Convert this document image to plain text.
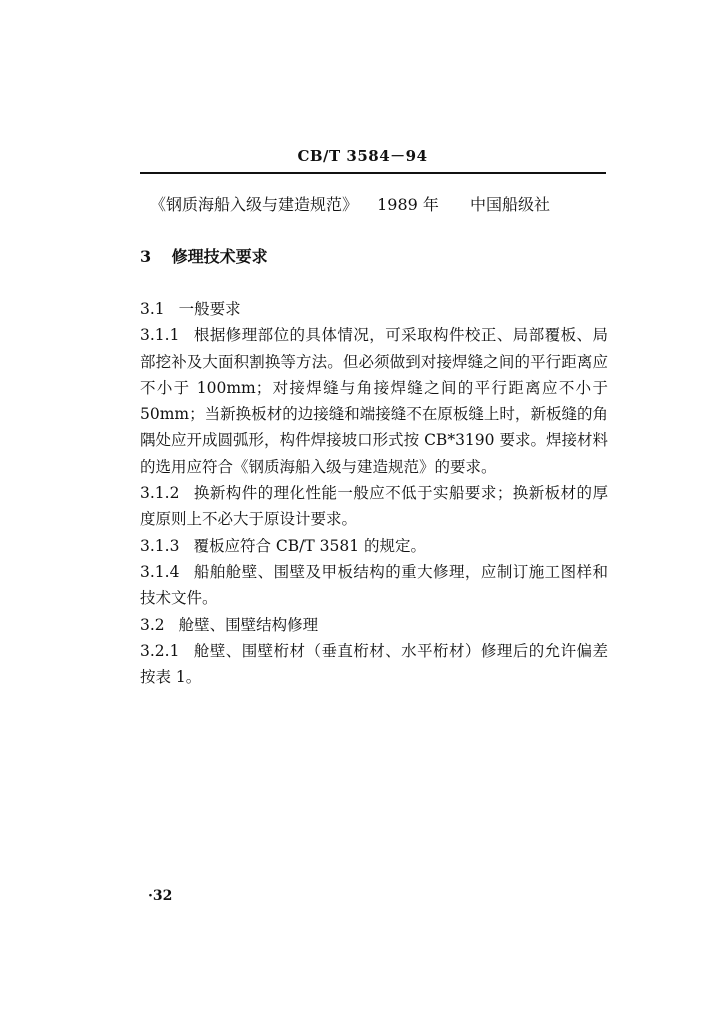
CB/T 3584－94
《钢质海船入级与建造规范》 1989 年 中国船级社
3 修理技术要求

3.1 一般要求

3.1.1 根据修理部位的具体情况，可采取构件校正、局部覆板、局部挖补及大面积割换等方法。但必须做到对接焊缝之间的平行距离应不小于 100mm；对接焊缝与角接焊缝之间的平行距离应不小于 50mm；当新换板材的边接缝和端接缝不在原板缝上时，新板缝的角隅处应开成圆弧形，构件焊接坡口形式按 CB*3190 要求。焊接材料的选用应符合《钢质海船入级与建造规范》的要求。

3.1.2 换新构件的理化性能一般应不低于实船要求；换新板材的厚度原则上不必大于原设计要求。

3.1.3 覆板应符合 CB/T 3581 的规定。

3.1.4 船舶舱壁、围壁及甲板结构的重大修理，应制订施工图样和技术文件。

3.2 舱壁、围壁结构修理

3.2.1 舱壁、围壁桁材（垂直桁材、水平桁材）修理后的允许偏差按表 1。

·32
